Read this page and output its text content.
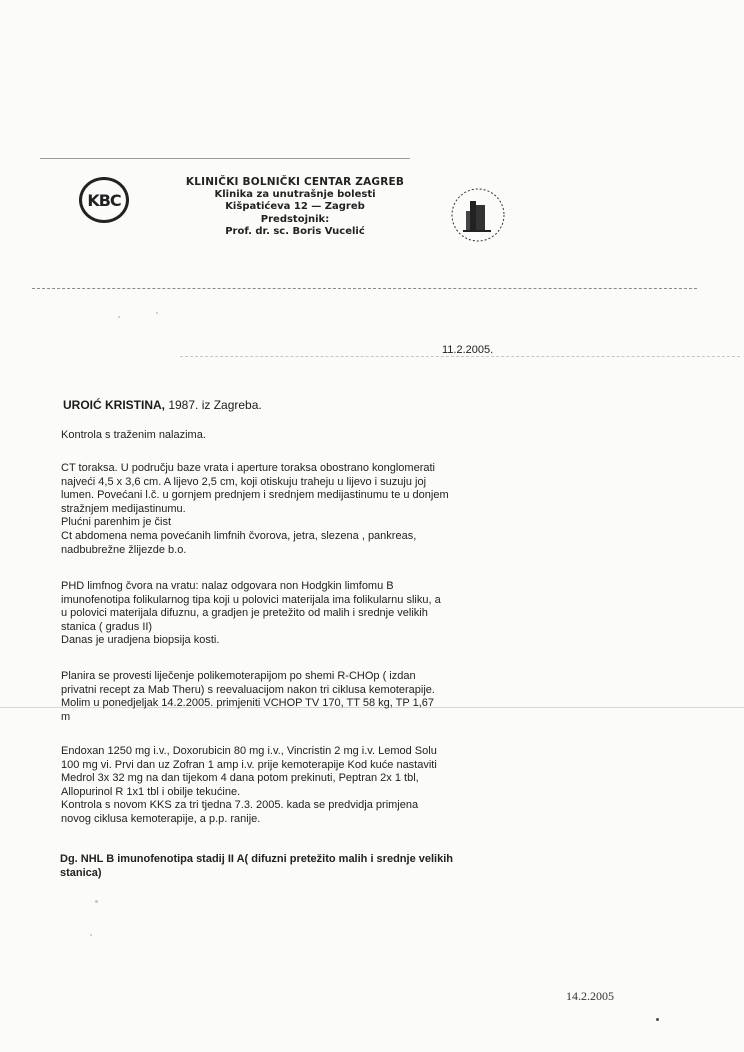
KBC
KLINIČKI BOLNIČKI CENTAR ZAGREB
Klinika za unutrašnje bolesti
Kišpatićeva 12 — Zagreb
Predstojnik:
Prof. dr. sc. Boris Vucelić
11.2.2005.
UROIĆ KRISTINA, 1987. iz Zagreba.

Kontrola s traženim nalazima.

CT toraksa. U području baze vrata i aperture toraksa obostrano konglomerati

najveći 4,5 x 3,6 cm. A lijevo 2,5 cm, koji otiskuju traheju u lijevo i suzuju joj

lumen. Povećani l.č. u gornjem prednjem i srednjem medijastinumu te u donjem

stražnjem medijastinumu.

Plućni parenhim je čist

Ct abdomena nema povećanih limfnih čvorova, jetra, slezena , pankreas,

nadbubrežne žlijezde b.o.

PHD limfnog čvora na vratu: nalaz odgovara non Hodgkin limfomu B

imunofenotipa folikularnog tipa koji u polovici materijala ima folikularnu sliku, a

u polovici materijala difuznu, a gradjen je pretežito od malih i srednje velikih

stanica ( gradus II)

Danas je uradjena biopsija kosti.

Planira se provesti liječenje polikemoterapijom po shemi R-CHOp ( izdan

privatni recept za Mab Theru) s reevaluacijom nakon tri ciklusa kemoterapije.

Molim u ponedjeljak 14.2.2005. primjeniti VCHOP TV 170, TT 58 kg, TP 1,67

m

Endoxan 1250 mg i.v., Doxorubicin 80 mg i.v., Vincristin 2 mg i.v. Lemod Solu

100 mg vi. Prvi dan uz Zofran 1 amp i.v. prije kemoterapije Kod kuće nastaviti

Medrol 3x 32 mg na dan tijekom 4 dana potom prekinuti, Peptran 2x 1 tbl,

Allopurinol R 1x1 tbl i obilje tekućine.

Kontrola s novom KKS za tri tjedna 7.3. 2005. kada se predvidja primjena

novog ciklusa kemoterapije, a p.p. ranije.

Dg. NHL B imunofenotipa stadij II A( difuzni pretežito malih i srednje velikih
stanica)
14.2.2005
